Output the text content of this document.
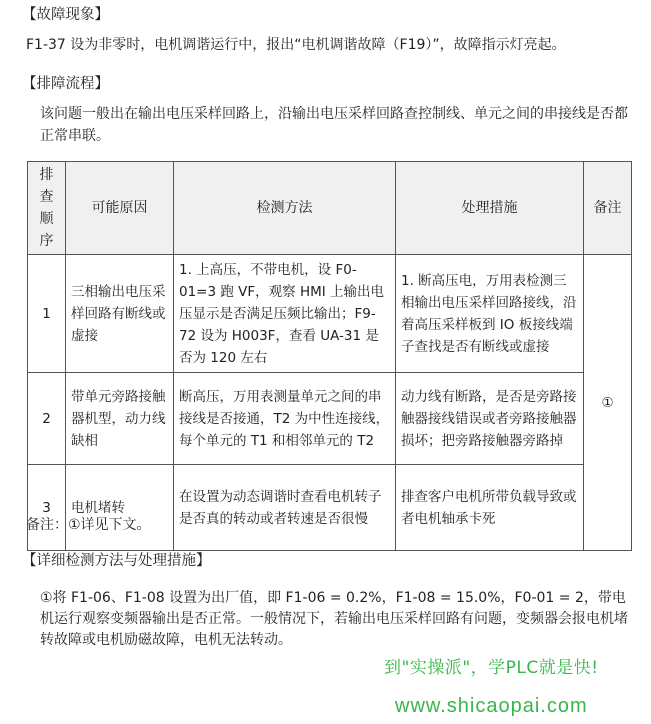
【故障现象】
F1-37 设为非零时，电机调谐运行中，报出“电机调谐故障（F19）”，故障指示灯亮起。
【排障流程】
该问题一般出在输出电压采样回路上，沿输出电压采样回路查控制线、单元之间的串接线是否都正常串联。
排查顺序	可能原因	检测方法	处理措施	备注
1	三相输出电压采样回路有断线或虚接	1. 上高压，不带电机，设 F0-01=3 跑 VF，观察 HMI 上输出电压显示是否满足压频比输出；F9-72 设为 H003F，查看 UA-31 是否为 120 左右	1. 断高压电，万用表检测三相输出电压采样回路接线，沿着高压采样板到 IO 板接线端子查找是否有断线或虚接	①
2	带单元旁路接触器机型，动力线缺相	断高压，万用表测量单元之间的串接线是否接通，T2 为中性连接线，每个单元的 T1 和相邻单元的 T2	动力线有断路，是否是旁路接触器接线错误或者旁路接触器损坏；把旁路接触器旁路掉	
3	电机堵转	在设置为动态调谐时查看电机转子是否真的转动或者转速是否很慢	排查客户电机所带负载导致或者电机轴承卡死	
备注：①详见下文。
【详细检测方法与处理措施】
①将 F1-06、F1-08 设置为出厂值，即 F1-06 = 0.2%，F1-08 = 15.0%，F0-01 = 2，带电机运行观察变频器输出是否正常。一般情况下，若输出电压采样回路有问题，变频器会报电机堵转故障或电机励磁故障，电机无法转动。
到"实操派"，学PLC就是快!
www.shicaopai.com
